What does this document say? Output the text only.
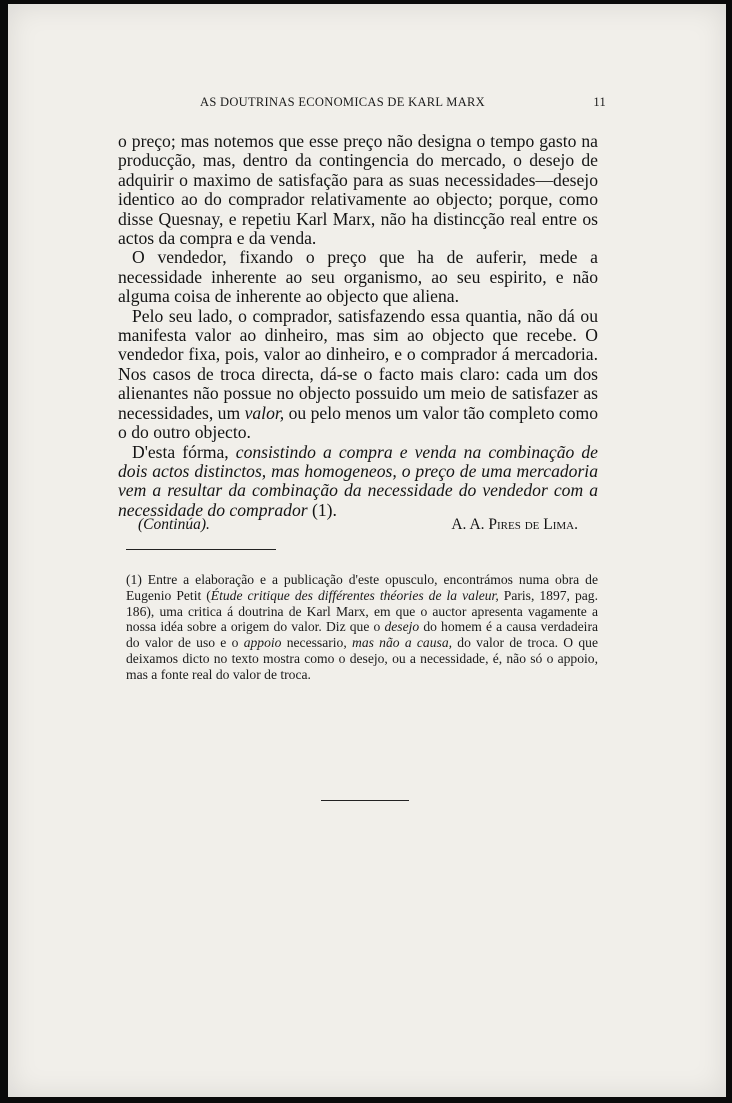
AS DOUTRINAS ECONOMICAS DE KARL MARX	11

o preço; mas notemos que esse preço não designa o tempo gasto na producção, mas, dentro da contingencia do mercado, o desejo de adquirir o maximo de satisfação para as suas necessidades—desejo identico ao do comprador relativamente ao objecto; porque, como disse Quesnay, e repetiu Karl Marx, não ha distincção real entre os actos da compra e da venda.

O vendedor, fixando o preço que ha de auferir, mede a necessidade inherente ao seu organismo, ao seu espirito, e não alguma coisa de inherente ao objecto que aliena.

Pelo seu lado, o comprador, satisfazendo essa quantia, não dá ou manifesta valor ao dinheiro, mas sim ao objecto que recebe. O vendedor fixa, pois, valor ao dinheiro, e o comprador á mercadoria. Nos casos de troca directa, dá-se o facto mais claro: cada um dos alienantes não possue no objecto possuido um meio de satisfazer as necessidades, um valor, ou pelo menos um valor tão completo como o do outro objecto.

D'esta fórma, consistindo a compra e venda na combinação de dois actos distinctos, mas homogeneos, o preço de uma mercadoria vem a resultar da combinação da necessidade do vendedor com a necessidade do comprador (1).

(Continúa).	A. A. Pires de Lima.
(1) Entre a elaboração e a publicação d'este opusculo, encontrámos numa obra de Eugenio Petit (Étude critique des différentes théories de la valeur, Paris, 1897, pag. 186), uma critica á doutrina de Karl Marx, em que o auctor apresenta vagamente a nossa idéa sobre a origem do valor. Diz que o desejo do homem é a causa verdadeira do valor de uso e o appoio necessario, mas não a causa, do valor de troca. O que deixamos dicto no texto mostra como o desejo, ou a necessidade, é, não só o appoio, mas a fonte real do valor de troca.
